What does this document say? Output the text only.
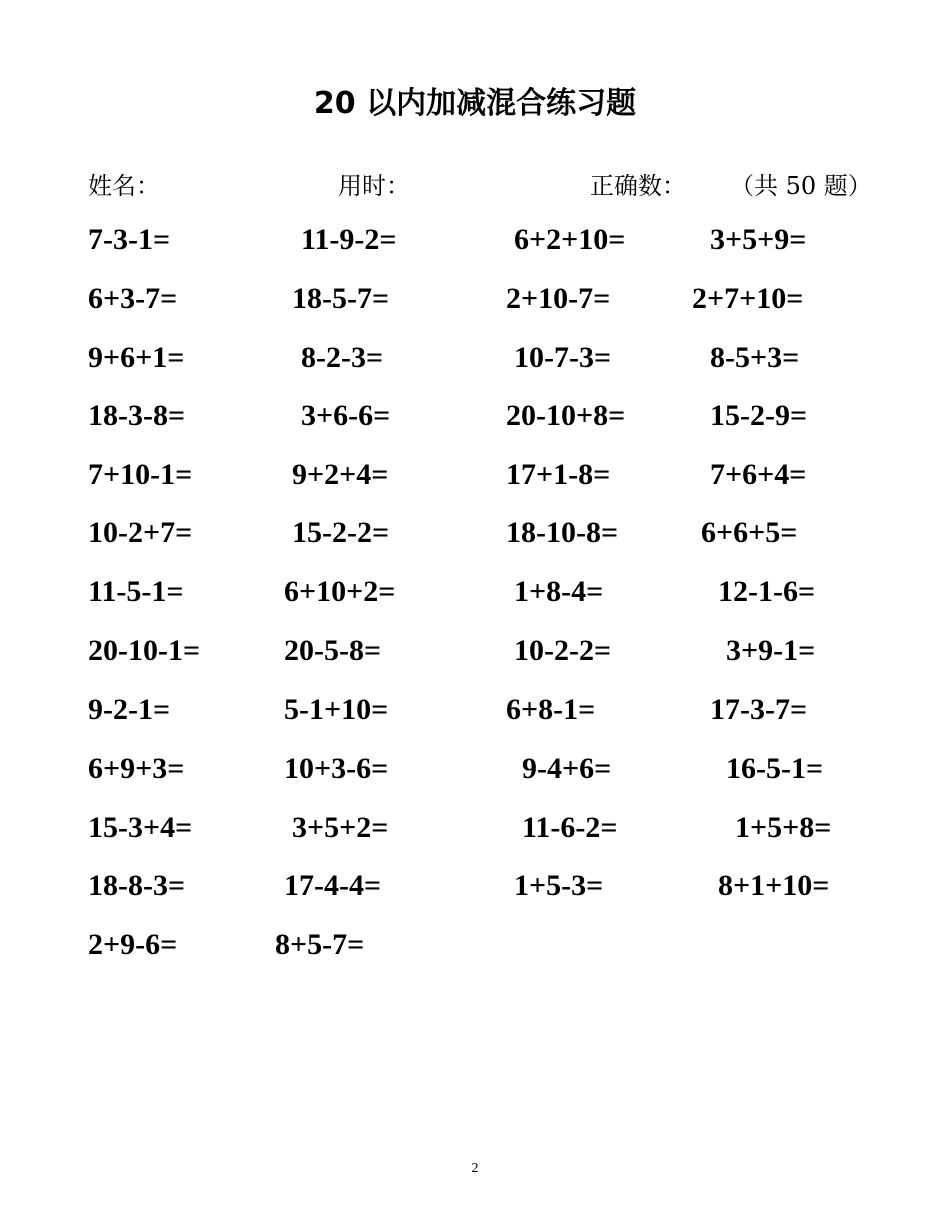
20 以内加减混合练习题
姓名：	用时：	正确数： （共 50 题）
7-3-1=	11-9-2=	6+2+10=	3+5+9=
6+3-7=	18-5-7=	2+10-7=	2+7+10=
9+6+1=	8-2-3=	10-7-3=	8-5+3=
18-3-8=	3+6-6=	20-10+8=	15-2-9=
7+10-1=	9+2+4=	17+1-8=	7+6+4=
10-2+7=	15-2-2=	18-10-8=	6+6+5=
11-5-1=	6+10+2=	1+8-4=	12-1-6=
20-10-1=	20-5-8=	10-2-2=	3+9-1=
9-2-1=	5-1+10=	6+8-1=	17-3-7=
6+9+3=	10+3-6=	9-4+6=	16-5-1=
15-3+4=	3+5+2=	11-6-2=	1+5+8=
18-8-3=	17-4-4=	1+5-3=	8+1+10=
2+9-6=	8+5-7=
2
